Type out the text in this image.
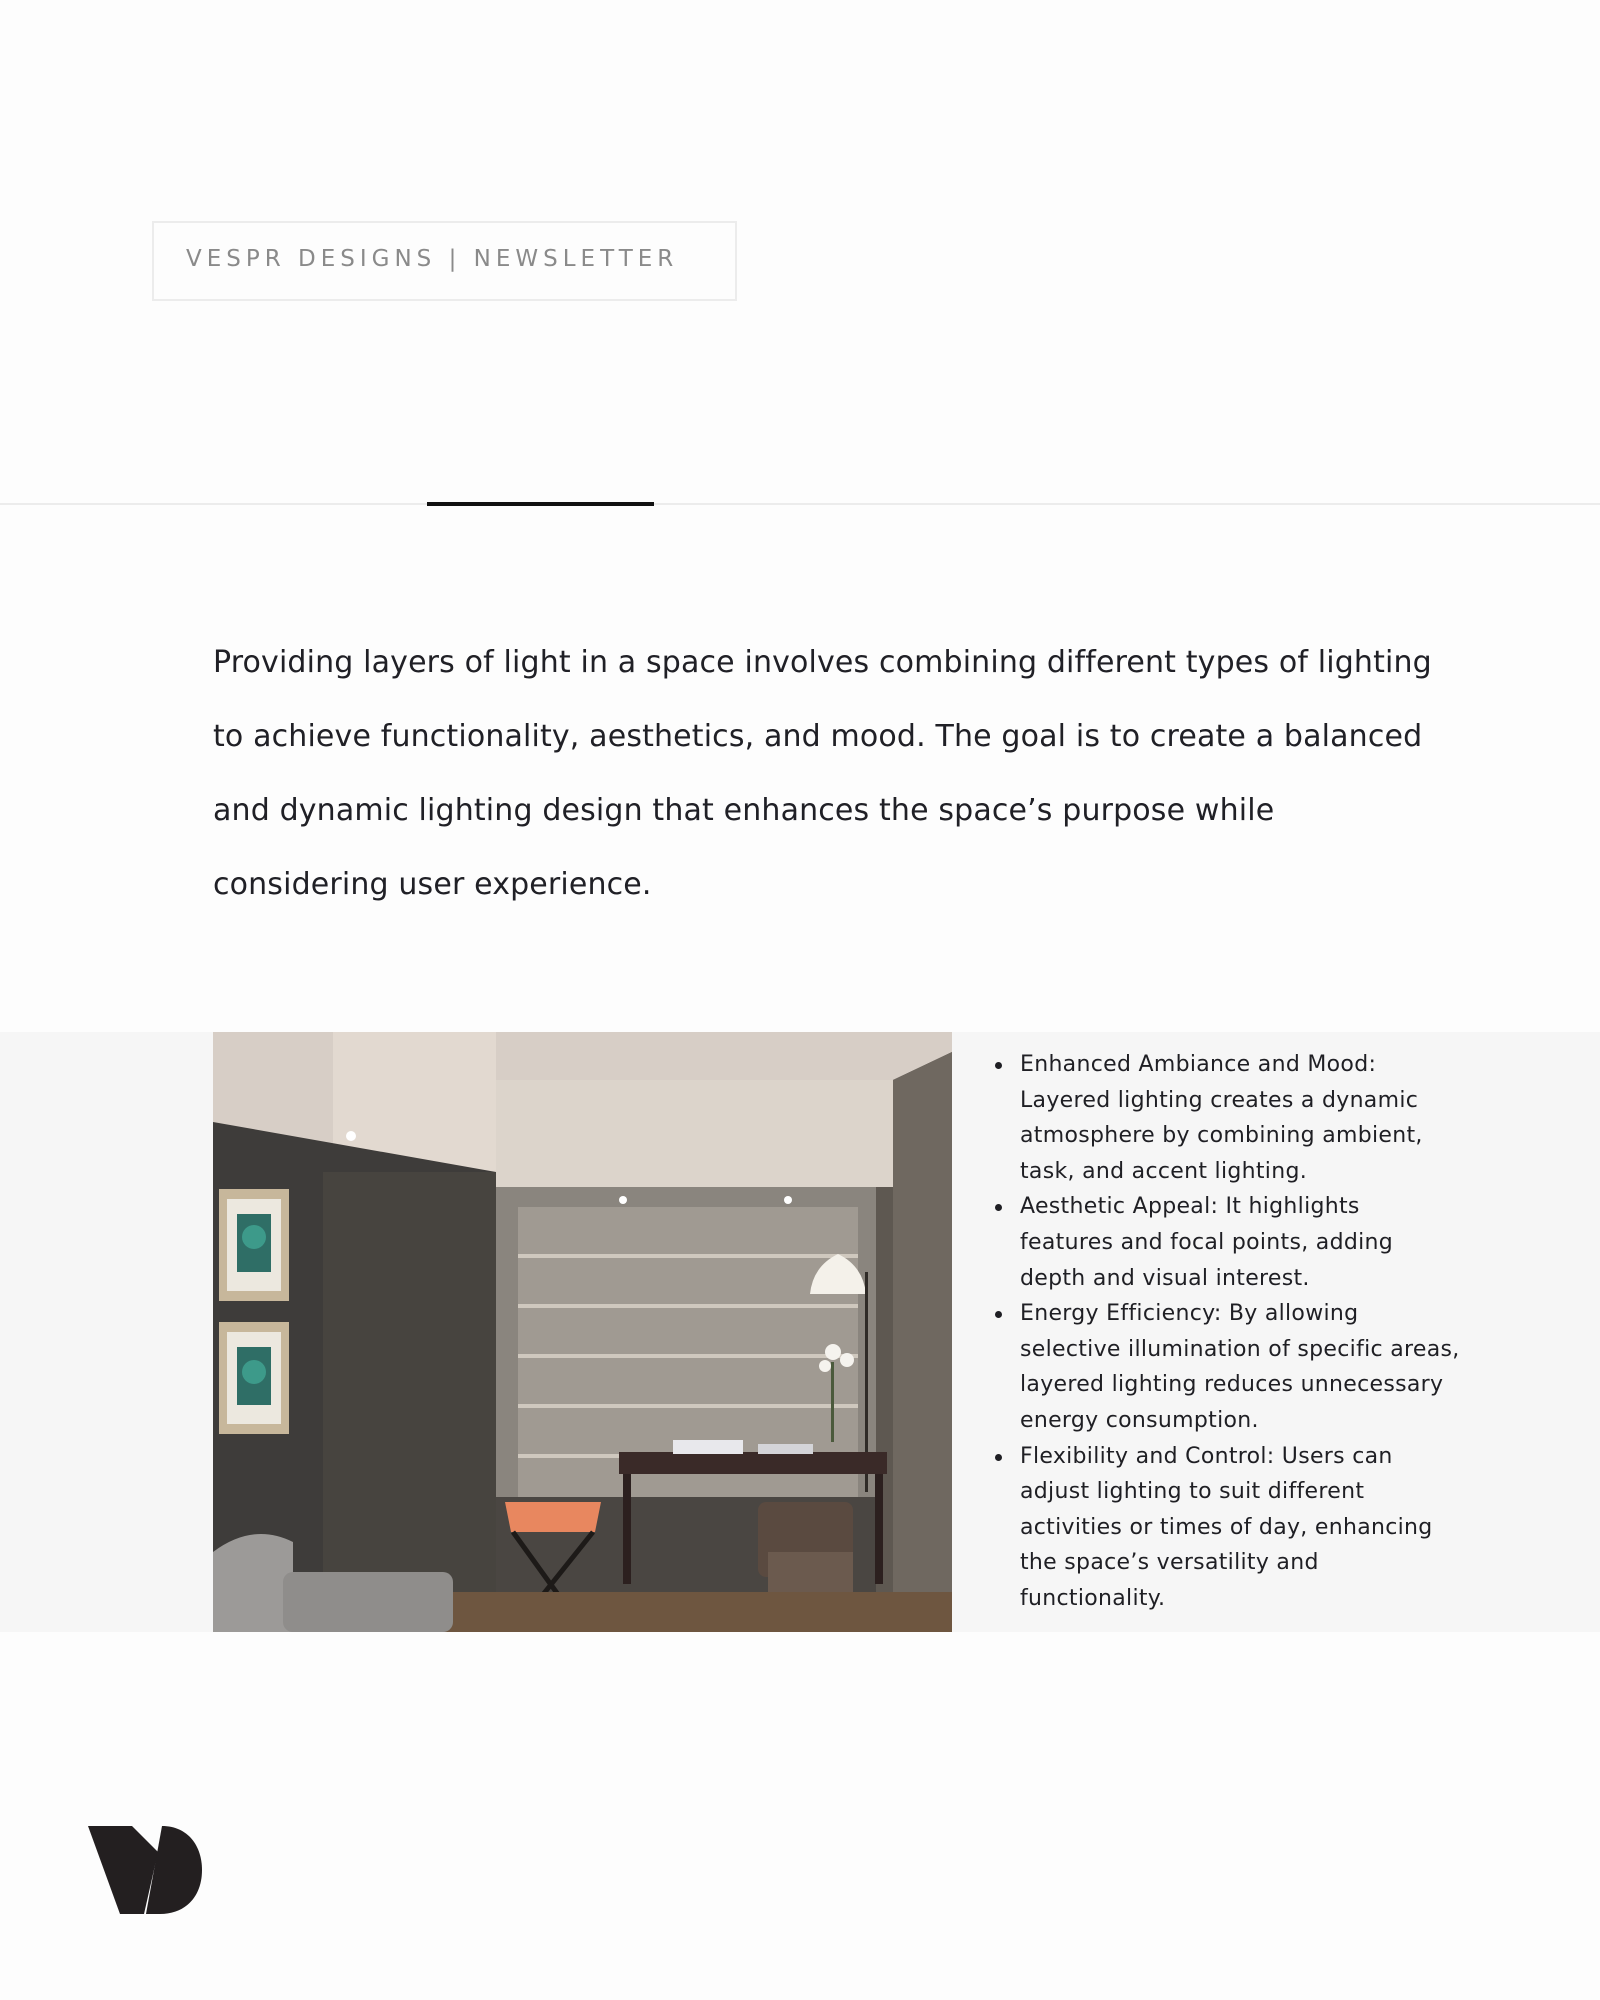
VESPR DESIGNS | NEWSLETTER

Providing layers of light in a space involves combining different types of lighting to achieve functionality, aesthetics, and mood. The goal is to create a balanced and dynamic lighting design that enhances the space’s purpose while considering user experience.

Enhanced Ambiance and Mood: Layered lighting creates a dynamic atmosphere by combining ambient, task, and accent lighting.
Aesthetic Appeal: It highlights features and focal points, adding depth and visual interest.
Energy Efficiency: By allowing selective illumination of specific areas, layered lighting reduces unnecessary energy consumption.
Flexibility and Control: Users can adjust lighting to suit different activities or times of day, enhancing the space’s versatility and functionality.
